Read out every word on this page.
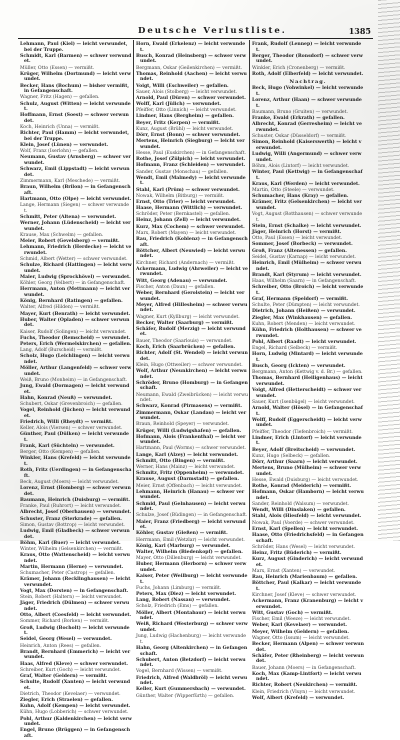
Deutsche Verlustliste.	1385

Lehmann, Paul (Kiel) — leicht verwundet, bei der Truppe.

Schmidt, Karl (Barmen) — schwer verwundet.

Müller, Otto (Essen) — vermißt.

Krüger, Wilhelm (Dortmund) — leicht verwundet.

Becker, Hans (Bochum) — bisher vermißt, in Gefangenschaft.

Wagner, Fritz (Hagen) — gefallen.

Schulz, August (Witten) — leicht verwundet.

Hoffmann, Ernst (Soest) — schwer verwundet.

Koch, Heinrich (Unna) — vermißt.

Richter, Paul (Hamm) — leicht verwundet, bei der Truppe.

Klein, Josef (Lünen) — verwundet.

Wolf, Franz (Iserlohn) — gefallen.

Neumann, Gustav (Arnsberg) — schwer verwundet.

Schwarz, Emil (Lippstadt) — leicht verwundet.

Zimmermann, Karl (Meschede) — vermißt.

Braun, Wilhelm (Brilon) — in Gefangenschaft.

Hartmann, Otto (Olpe) — leicht verwundet.

Lange, Hermann (Siegen) — schwer verwundet.

Schmitt, Peter (Altena) — verwundet.

Werner, Johann (Lüdenscheid) — leicht verwundet.

Krause, Max (Schwelm) — gefallen.

Meier, Robert (Gevelsberg) — vermißt.

Lehmann, Friedrich (Herdecke) — leicht verwundet.

Schmid, Albert (Wetter) — schwer verwundet.

Schulze, Richard (Hattingen) — leicht verwundet.

Maier, Ludwig (Sprockhövel) — verwundet.

Köhler, Georg (Velbert) — in Gefangenschaft.

Herrmann, Anton (Mettmann) — leicht verwundet.

König, Bernhard (Ratingen) — gefallen.

Walter, Alfred (Hilden) — vermißt.

Mayer, Kurt (Benrath) — leicht verwundet.

Huber, Walter (Opladen) — schwer verwundet.

Kaiser, Rudolf (Solingen) — leicht verwundet.

Fuchs, Theodor (Remscheid) — verwundet.

Peters, Erich (Wermelskirchen) — gefallen.

Lang, Adolf (Burscheid) — vermißt.

Scholz, Hugo (Leichlingen) — leicht verwundet.

Möller, Arthur (Langenfeld) — schwer verwundet.

Weiß, Bruno (Monheim) — in Gefangenschaft.

Jung, Ewald (Dormagen) — leicht verwundet.

Hahn, Konrad (Neuß) — verwundet.

Schubert, Oskar (Grevenbroich) — gefallen.

Vogel, Reinhold (Jüchen) — leicht verwundet.

Friedrich, Willi (Rheydt) — vermißt.

Keller, Alois (Viersen) — schwer verwundet.

Günther, Paul (Dülken) — leicht verwundet.

Frank, Karl (Süchteln) — verwundet.

Berger, Otto (Kempen) — gefallen.

Winkler, Hans (Krefeld) — leicht verwundet.

Roth, Fritz (Uerdingen) — in Gefangenschaft.

Beck, August (Moers) — leicht verwundet.

Lorenz, Ernst (Homberg) — schwer verwundet.

Baumann, Heinrich (Duisburg) — vermißt.

Franke, Paul (Ruhrort) — leicht verwundet.

Albrecht, Josef (Oberhausen) — verwundet.

Schuster, Franz (Sterkrade) — gefallen.

Simon, Gustav (Bottrop) — leicht verwundet.

Ludwig, Emil (Gladbeck) — schwer verwundet.

Böhm, Karl (Buer) — leicht verwundet.

Winter, Wilhelm (Gelsenkirchen) — vermißt.

Kraus, Otto (Wattenscheid) — leicht verwundet.

Martin, Hermann (Herne) — verwundet.

Schumacher, Peter (Castrop) — gefallen.

Krämer, Johann (Recklinghausen) — leicht verwundet.

Vogt, Max (Dorsten) — in Gefangenschaft.

Stein, Robert (Haltern) — leicht verwundet.

Jäger, Friedrich (Dülmen) — schwer verwundet.

Otto, Albert (Coesfeld) — leicht verwundet.

Sommer, Richard (Borken) — vermißt.

Groß, Ludwig (Bocholt) — leicht verwundet.

Seidel, Georg (Wesel) — verwundet.

Heinrich, Anton (Rees) — gefallen.

Brandt, Bernhard (Emmerich) — leicht verwundet.

Haas, Alfred (Kleve) — schwer verwundet.

Schreiber, Kurt (Goch) — leicht verwundet.

Graf, Walter (Geldern) — vermißt.

Schulte, Rudolf (Xanten) — leicht verwundet.

Dietrich, Theodor (Kevelaer) — verwundet.

Ziegler, Erich (Straelen) — gefallen.

Kuhn, Adolf (Kempen) — leicht verwundet.

Kühn, Hugo (Lobberich) — schwer verwundet.

Pohl, Arthur (Kaldenkirchen) — leicht verwundet.

Engel, Bruno (Brüggen) — in Gefangenschaft.

Horn, Ewald (Erkelenz) — leicht verwundet.

Busch, Konrad (Heinsberg) — schwer verwundet.

Bergmann, Oskar (Geilenkirchen) — vermißt.

Thomas, Reinhold (Aachen) — leicht verwundet.

Voigt, Willi (Eschweiler) — gefallen.

Sauer, Alois (Stolberg) — leicht verwundet.

Arnold, Paul (Düren) — schwer verwundet.

Wolff, Karl (Jülich) — verwundet.

Pfeiffer, Otto (Linnich) — leicht verwundet.

Lindner, Hans (Bergheim) — gefallen.

Beyer, Fritz (Kerpen) — vermißt.

Kunz, August (Brühl) — leicht verwundet.

Dörr, Ernst (Bonn) — schwer verwundet.

Mertens, Heinrich (Siegburg) — leicht verwundet.

Hesse, Paul (Euskirchen) — in Gefangenschaft.

Rothe, Josef (Zülpich) — leicht verwundet.

Hofmann, Franz (Schleiden) — verwundet.

Sander, Gustav (Monschau) — gefallen.

Wendt, Emil (Malmedy) — leicht verwundet.

Stahl, Karl (Prüm) — schwer verwundet.

Nowak, Wilhelm (Bitburg) — vermißt.

Ernst, Otto (Trier) — leicht verwundet.

Haase, Hermann (Wittlich) — verwundet.

Schröder, Peter (Bernkastel) — gefallen.

Heinz, Johann (Zell) — leicht verwundet.

Kurz, Max (Cochem) — schwer verwundet.

Marx, Robert (Mayen) — leicht verwundet.

Rau, Friedrich (Koblenz) — in Gefangenschaft.

Böttcher, Albert (Neuwied) — leicht verwundet.

Kirchner, Richard (Andernach) — vermißt.

Ackermann, Ludwig (Ahrweiler) — leicht verwundet.

Witt, Georg (Adenau) — verwundet.

Fischer, Anton (Daun) — gefallen.

Weber, Bernhard (Gerolstein) — leicht verwundet.

Meyer, Alfred (Hillesheim) — schwer verwundet.

Wagner, Kurt (Kyllburg) — leicht verwundet.

Becker, Walter (Saarburg) — vermißt.

Schäfer, Rudolf (Merzig) — leicht verwundet.

Bauer, Theodor (Saarlouis) — verwundet.

Koch, Erich (Saarbrücken) — gefallen.

Richter, Adolf (St. Wendel) — leicht verwundet.

Klein, Hugo (Ottweiler) — schwer verwundet.

Wolf, Arthur (Neunkirchen) — leicht verwundet.

Schröder, Bruno (Homburg) — in Gefangenschaft.

Neumann, Ewald (Zweibrücken) — leicht verwundet.

Schwarz, Konrad (Pirmasens) — vermißt.

Zimmermann, Oskar (Landau) — leicht verwundet.

Braun, Reinhold (Speyer) — verwundet.

Krüger, Willi (Ludwigshafen) — gefallen.

Hofmann, Alois (Frankenthal) — leicht verwundet.

Hartmann, Paul (Worms) — schwer verwundet.

Lange, Karl (Alzey) — leicht verwundet.

Schmitt, Otto (Bingen) — vermißt.

Werner, Hans (Mainz) — leicht verwundet.

Schmitz, Fritz (Oppenheim) — verwundet.

Krause, August (Darmstadt) — gefallen.

Meier, Ernst (Offenbach) — leicht verwundet.

Lehmann, Heinrich (Hanau) — schwer verwundet.

Schmid, Paul (Gelnhausen) — leicht verwundet.

Schulze, Josef (Büdingen) — in Gefangenschaft.

Maier, Franz (Friedberg) — leicht verwundet.

Köhler, Gustav (Gießen) — vermißt.

Herrmann, Emil (Wetzlar) — leicht verwundet.

König, Karl (Marburg) — verwundet.

Walter, Wilhelm (Biedenkopf) — gefallen.

Mayer, Otto (Dillenburg) — leicht verwundet.

Huber, Hermann (Herborn) — schwer verwundet.

Kaiser, Peter (Weilburg) — leicht verwundet.

Fuchs, Johann (Limburg) — vermißt.

Peters, Max (Diez) — leicht verwundet.

Lang, Robert (Nassau) — verwundet.

Scholz, Friedrich (Ems) — gefallen.

Möller, Albert (Montabaur) — leicht verwundet.

Weiß, Richard (Westerburg) — schwer verwundet.

Jung, Ludwig (Hachenburg) — leicht verwundet.

Hahn, Georg (Altenkirchen) — in Gefangenschaft.

Schubert, Anton (Betzdorf) — leicht verwundet.

Vogel, Bernhard (Wissen) — vermißt.

Friedrich, Alfred (Waldbröl) — leicht verwundet.

Keller, Kurt (Gummersbach) — verwundet.

Günther, Walter (Wipperfürth) — gefallen.

Frank, Rudolf (Lennep) — leicht verwundet.

Berger, Theodor (Ronsdorf) — schwer verwundet.

Winkler, Erich (Cronenberg) — vermißt.

Roth, Adolf (Elberfeld) — leicht verwundet.

Nachtrag.

Beck, Hugo (Vohwinkel) — leicht verwundet.

Lorenz, Arthur (Haan) — schwer verwundet.

Baumann, Bruno (Gruiten) — verwundet.

Franke, Ewald (Erkrath) — gefallen.

Albrecht, Konrad (Gerresheim) — leicht verwundet.

Schuster, Oskar (Düsseldorf) — vermißt.

Simon, Reinhold (Kaiserswerth) — leicht verwundet.

Ludwig, Willi (Angermund) — schwer verwundet.

Böhm, Alois (Lintorf) — leicht verwundet.

Winter, Paul (Kettwig) — in Gefangenschaft.

Kraus, Karl (Werden) — leicht verwundet.

Martin, Otto (Steele) — verwundet.

Schumacher, Hans (Kray) — gefallen.

Krämer, Fritz (Gelsenkirchen) — leicht verwundet.

Vogt, August (Rotthausen) — schwer verwundet.

Stein, Ernst (Schalke) — leicht verwundet.

Jäger, Heinrich (Horst) — vermißt.

Otto, Paul (Essen) — leicht verwundet.

Sommer, Josef (Borbeck) — verwundet.

Groß, Franz (Altenessen) — gefallen.

Seidel, Gustav (Karnap) — leicht verwundet.

Heinrich, Emil (Mülheim) — schwer verwundet.

Brandt, Karl (Styrum) — leicht verwundet.

Haas, Wilhelm (Saarn) — in Gefangenschaft.

Schreiber, Otto (Broich) — leicht verwundet.

Graf, Hermann (Speldorf) — vermißt.

Schulte, Peter (Dümpten) — leicht verwundet.

Dietrich, Johann (Heißen) — verwundet.

Ziegler, Max (Winkhausen) — gefallen.

Kuhn, Robert (Menden) — leicht verwundet.

Kühn, Friedrich (Holthausen) — schwer verwundet.

Pohl, Albert (Raadt) — leicht verwundet.

Engel, Richard (Selbeck) — vermißt.

Horn, Ludwig (Mintard) — leicht verwundet.

Busch, Georg (Ickten) — verwundet.

Bergmann, Anton (Kettwig v. d. Br.) — gefallen.

Thomas, Bernhard (Heiligenhaus) — leicht verwundet.

Voigt, Alfred (Hetterscheidt) — schwer verwundet.

Sauer, Kurt (Isenbügel) — leicht verwundet.

Arnold, Walter (Hösel) — in Gefangenschaft.

Wolff, Rudolf (Eggerscheidt) — leicht verwundet.

Pfeiffer, Theodor (Tiefenbroich) — vermißt.

Lindner, Erich (Lintorf) — leicht verwundet.

Beyer, Adolf (Breitscheid) — verwundet.

Kunz, Hugo (Selbeck) — gefallen.

Dörr, Arthur (Saarn) — leicht verwundet.

Mertens, Bruno (Mülheim) — schwer verwundet.

Hesse, Ewald (Duisburg) — leicht verwundet.

Rothe, Konrad (Meiderich) — vermißt.

Hofmann, Oskar (Hamborn) — leicht verwundet.

Sander, Reinhold (Walsum) — verwundet.

Wendt, Willi (Dinslaken) — gefallen.

Stahl, Alois (Hiesfeld) — leicht verwundet.

Nowak, Paul (Voerde) — schwer verwundet.

Ernst, Karl (Spellen) — leicht verwundet.

Haase, Otto (Friedrichsfeld) — in Gefangenschaft.

Schröder, Hans (Wesel) — leicht verwundet.

Heinz, Fritz (Büderich) — vermißt.

Kurz, August (Ginderich) — leicht verwundet.

Marx, Ernst (Xanten) — verwundet.

Rau, Heinrich (Marienbaum) — gefallen.

Böttcher, Paul (Kalkar) — leicht verwundet.

Kirchner, Josef (Kleve) — schwer verwundet.

Ackermann, Franz (Kranenburg) — leicht verwundet.

Witt, Gustav (Goch) — vermißt.

Fischer, Emil (Weeze) — leicht verwundet.

Weber, Karl (Kevelaer) — verwundet.

Meyer, Wilhelm (Geldern) — gefallen.

Wagner, Otto (Issum) — leicht verwundet.

Becker, Hermann (Alpen) — schwer verwundet.

Schäfer, Peter (Rheinberg) — leicht verwundet.

Bauer, Johann (Moers) — in Gefangenschaft.

Koch, Max (Kamp-Lintfort) — leicht verwundet.

Richter, Robert (Neukirchen) — vermißt.

Klein, Friedrich (Vluyn) — leicht verwundet.

Wolf, Albert (Krefeld) — verwundet.
